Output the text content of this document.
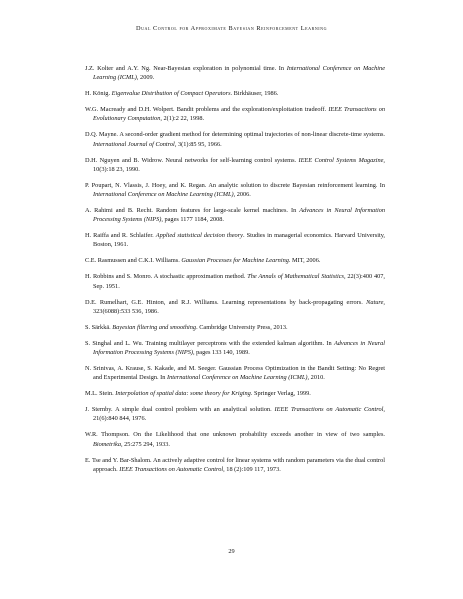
Dual Control for Approximate Bayesian Reinforcement Learning

J.Z. Kolter and A.Y. Ng. Near-Bayesian exploration in polynomial time. In International Conference on Machine Learning (ICML), 2009.

H. König. Eigenvalue Distribution of Compact Operators. Birkhäuser, 1986.

W.G. Macready and D.H. Wolpert. Bandit problems and the exploration/exploitation tradeoff. IEEE Transactions on Evolutionary Computation, 2(1):2 22, 1998.

D.Q. Mayne. A second-order gradient method for determining optimal trajectories of non-linear discrete-time systems. International Journal of Control, 3(1):85 95, 1966.

D.H. Nguyen and B. Widrow. Neural networks for self-learning control systems. IEEE Control Systems Magazine, 10(3):18 23, 1990.

P. Poupart, N. Vlassis, J. Hoey, and K. Regan. An analytic solution to discrete Bayesian reinforcement learning. In International Conference on Machine Learning (ICML), 2006.

A. Rahimi and B. Recht. Random features for large-scale kernel machines. In Advances in Neural Information Processing Systems (NIPS), pages 1177 1184, 2008.

H. Raiffa and R. Schlaifer. Applied statistical decision theory. Studies in managerial economics. Harvard University, Boston, 1961.

C.E. Rasmussen and C.K.I. Williams. Gaussian Processes for Machine Learning. MIT, 2006.

H. Robbins and S. Monro. A stochastic approximation method. The Annals of Mathematical Statistics, 22(3):400 407, Sep. 1951.

D.E. Rumelhart, G.E. Hinton, and R.J. Williams. Learning representations by back-propagating errors. Nature, 323(6088):533 536, 1986.

S. Särkkä. Bayesian filtering and smoothing. Cambridge University Press, 2013.

S. Singhal and L. Wu. Training multilayer perceptrons with the extended kalman algorithm. In Advances in Neural Information Processing Systems (NIPS), pages 133 140, 1989.

N. Srinivas, A. Krause, S. Kakade, and M. Seeger. Gaussian Process Optimization in the Bandit Setting: No Regret and Experimental Design. In International Conference on Machine Learning (ICML), 2010.

M.L. Stein. Interpolation of spatial data: some theory for Kriging. Springer Verlag, 1999.

J. Sternby. A simple dual control problem with an analytical solution. IEEE Transactions on Automatic Control, 21(6):840 844, 1976.

W.R. Thompson. On the Likelihood that one unknown probability exceeds another in view of two samples. Biometrika, 25:275 294, 1933.

E. Tse and Y. Bar-Shalom. An actively adaptive control for linear systems with random parameters via the dual control approach. IEEE Transactions on Automatic Control, 18 (2):109 117, 1973.

29
